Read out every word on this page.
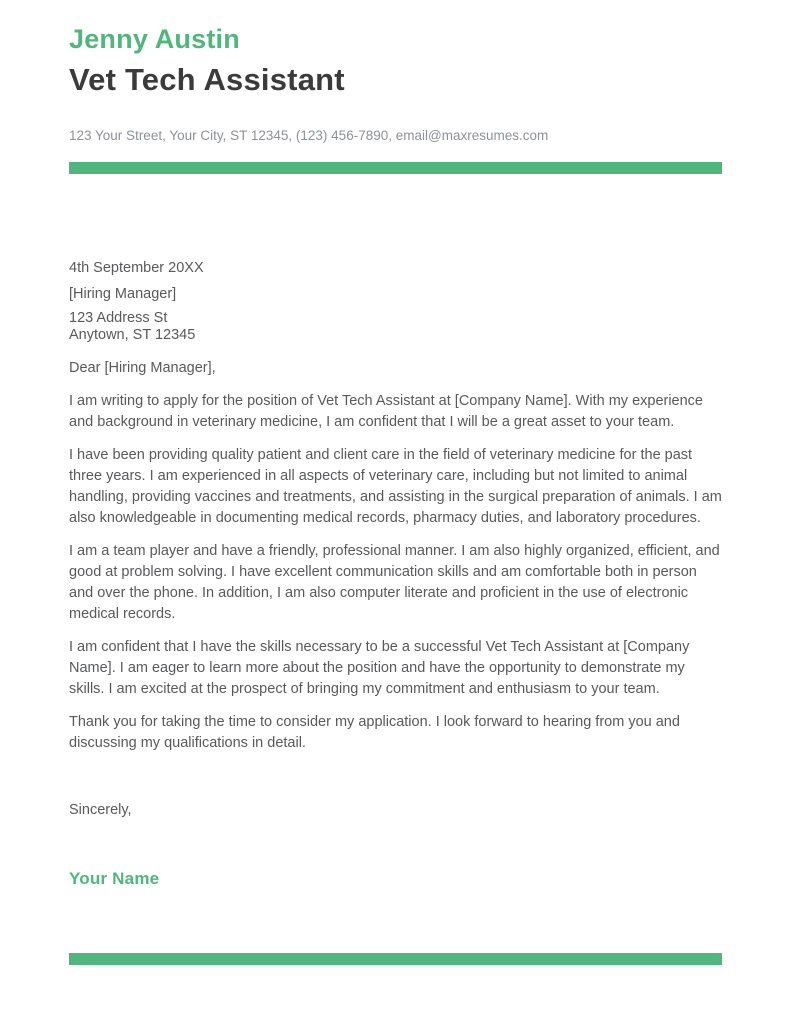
Jenny Austin
Vet Tech Assistant
123 Your Street, Your City, ST 12345, (123) 456-7890, email@maxresumes.com

4th September 20XX

[Hiring Manager]

123 Address St
Anytown, ST 12345

Dear [Hiring Manager],

I am writing to apply for the position of Vet Tech Assistant at [Company Name]. With my experience and background in veterinary medicine, I am confident that I will be a great asset to your team.

I have been providing quality patient and client care in the field of veterinary medicine for the past three years. I am experienced in all aspects of veterinary care, including but not limited to animal handling, providing vaccines and treatments, and assisting in the surgical preparation of animals. I am also knowledgeable in documenting medical records, pharmacy duties, and laboratory procedures.

I am a team player and have a friendly, professional manner. I am also highly organized, efficient, and good at problem solving. I have excellent communication skills and am comfortable both in person and over the phone. In addition, I am also computer literate and proficient in the use of electronic medical records.

I am confident that I have the skills necessary to be a successful Vet Tech Assistant at [Company Name]. I am eager to learn more about the position and have the opportunity to demonstrate my skills. I am excited at the prospect of bringing my commitment and enthusiasm to your team.

Thank you for taking the time to consider my application. I look forward to hearing from you and discussing my qualifications in detail.

Sincerely,

Your Name
